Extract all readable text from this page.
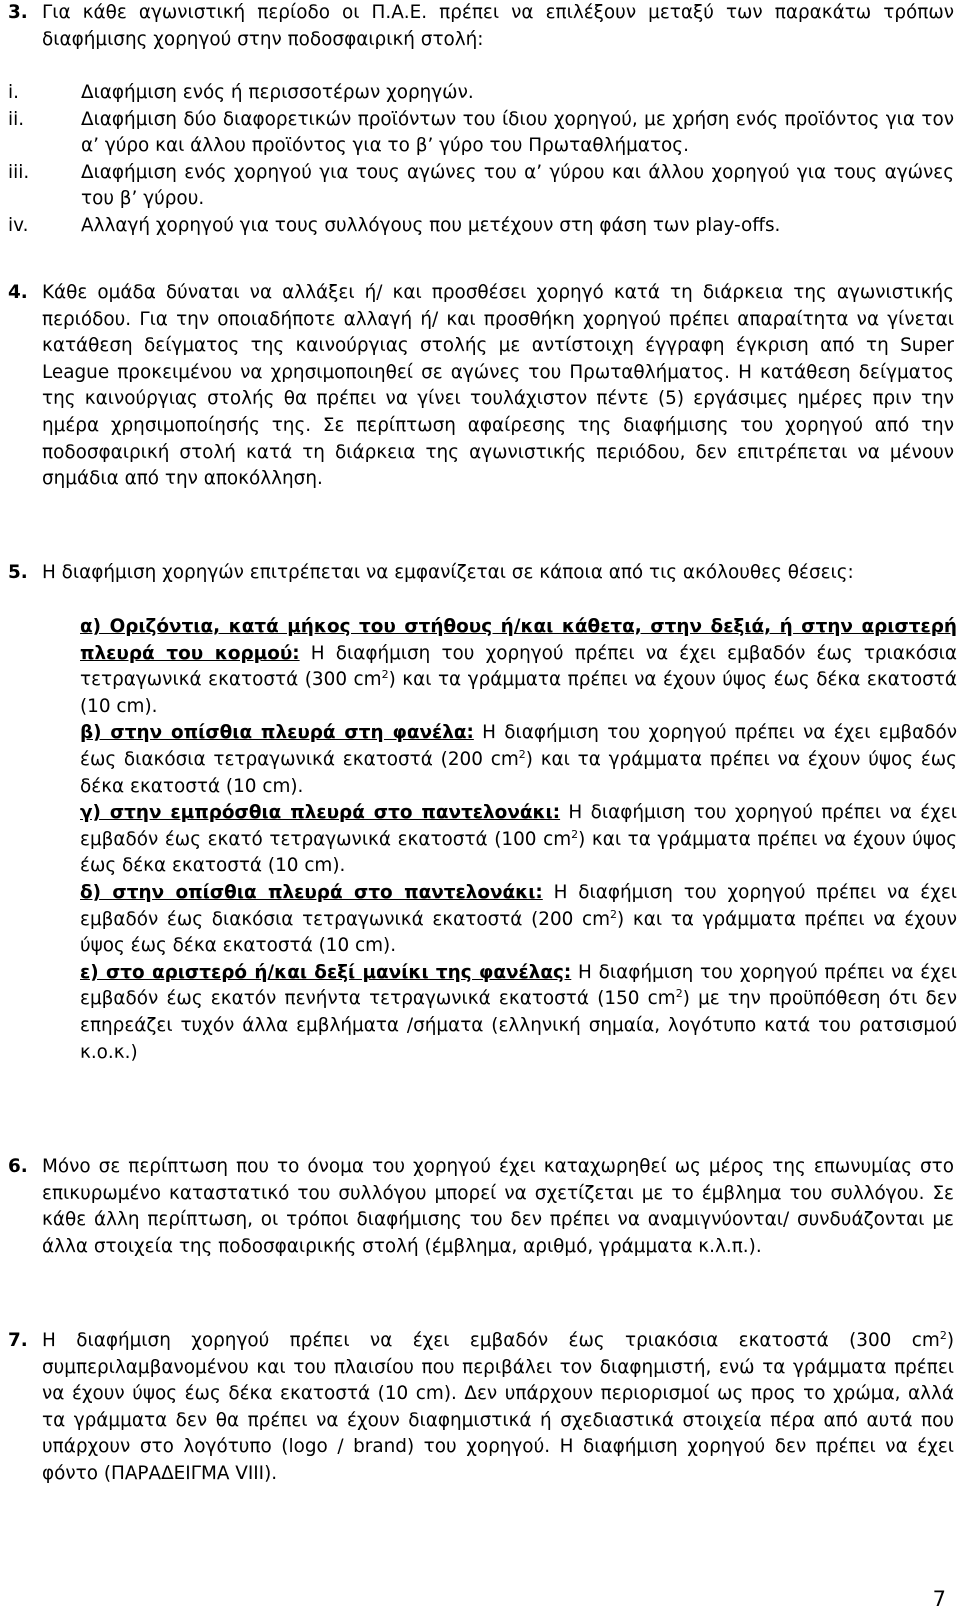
3. Για κάθε αγωνιστική περίοδο οι Π.Α.Ε. πρέπει να επιλέξουν μεταξύ των παρακάτω τρόπων διαφήμισης χορηγού στην ποδοσφαιρική στολή:

i.	Διαφήμιση ενός ή περισσοτέρων χορηγών.

ii.	Διαφήμιση δύο διαφορετικών προϊόντων του ίδιου χορηγού, με χρήση ενός προϊόντος για τον α’ γύρο και άλλου προϊόντος για το β’ γύρο του Πρωταθλήματος.

iii.	Διαφήμιση ενός χορηγού για τους αγώνες του α’ γύρου και άλλου χορηγού για τους αγώνες του β’ γύρου.

iv.	Αλλαγή χορηγού για τους συλλόγους που μετέχουν στη φάση των play-offs.

4. Κάθε ομάδα δύναται να αλλάξει ή/ και προσθέσει χορηγό κατά τη διάρκεια της αγωνιστικής περιόδου. Για την οποιαδήποτε αλλαγή ή/ και προσθήκη χορηγού πρέπει απαραίτητα να γίνεται κατάθεση δείγματος της καινούργιας στολής με αντίστοιχη έγγραφη έγκριση από τη Super League προκειμένου να χρησιμοποιηθεί σε αγώνες του Πρωταθλήματος. Η κατάθεση δείγματος της καινούργιας στολής θα πρέπει να γίνει τουλάχιστον πέντε (5) εργάσιμες ημέρες πριν την ημέρα χρησιμοποίησής της. Σε περίπτωση αφαίρεσης της διαφήμισης του χορηγού από την ποδοσφαιρική στολή κατά τη διάρκεια της αγωνιστικής περιόδου, δεν επιτρέπεται να μένουν σημάδια από την αποκόλληση.

5. Η διαφήμιση χορηγών επιτρέπεται να εμφανίζεται σε κάποια από τις ακόλουθες θέσεις:

α) Οριζόντια, κατά μήκος του στήθους ή/και κάθετα, στην δεξιά, ή στην αριστερή πλευρά του κορμού: Η διαφήμιση του χορηγού πρέπει να έχει εμβαδόν έως τριακόσια τετραγωνικά εκατοστά (300 $cm^2$) και τα γράμματα πρέπει να έχουν ύψος έως δέκα εκατοστά (10 cm).

β) στην οπίσθια πλευρά στη φανέλα: Η διαφήμιση του χορηγού πρέπει να έχει εμβαδόν έως διακόσια τετραγωνικά εκατοστά (200 $cm^2$) και τα γράμματα πρέπει να έχουν ύψος έως δέκα εκατοστά (10 cm).

γ) στην εμπρόσθια πλευρά στο παντελονάκι: Η διαφήμιση του χορηγού πρέπει να έχει εμβαδόν έως εκατό τετραγωνικά εκατοστά (100 $cm^2$) και τα γράμματα πρέπει να έχουν ύψος έως δέκα εκατοστά (10 cm).

δ) στην οπίσθια πλευρά στο παντελονάκι: Η διαφήμιση του χορηγού πρέπει να έχει εμβαδόν έως διακόσια τετραγωνικά εκατοστά (200 $cm^2$) και τα γράμματα πρέπει να έχουν ύψος έως δέκα εκατοστά (10 cm).

ε) στο αριστερό ή/και δεξί μανίκι της φανέλας: Η διαφήμιση του χορηγού πρέπει να έχει εμβαδόν έως εκατόν πενήντα τετραγωνικά εκατοστά (150 $cm^2$) με την προϋπόθεση ότι δεν επηρεάζει τυχόν άλλα εμβλήματα /σήματα (ελληνική σημαία, λογότυπο κατά του ρατσισμού κ.ο.κ.)

6. Μόνο σε περίπτωση που το όνομα του χορηγού έχει καταχωρηθεί ως μέρος της επωνυμίας στο επικυρωμένο καταστατικό του συλλόγου μπορεί να σχετίζεται με το έμβλημα του συλλόγου. Σε κάθε άλλη περίπτωση, οι τρόποι διαφήμισης του δεν πρέπει να αναμιγνύονται/ συνδυάζονται με άλλα στοιχεία της ποδοσφαιρικής στολή (έμβλημα, αριθμό, γράμματα κ.λ.π.).

7. Η διαφήμιση χορηγού πρέπει να έχει εμβαδόν έως τριακόσια εκατοστά (300 $cm^2$) συμπεριλαμβανομένου και του πλαισίου που περιβάλει τον διαφημιστή, ενώ τα γράμματα πρέπει να έχουν ύψος έως δέκα εκατοστά (10 cm). Δεν υπάρχουν περιορισμοί ως προς το χρώμα, αλλά τα γράμματα δεν θα πρέπει να έχουν διαφημιστικά ή σχεδιαστικά στοιχεία πέρα από αυτά που υπάρχουν στο λογότυπο (logo / brand) του χορηγού. Η διαφήμιση χορηγού δεν πρέπει να έχει φόντο (ΠΑΡΑΔΕΙΓΜΑ VIII).

7
